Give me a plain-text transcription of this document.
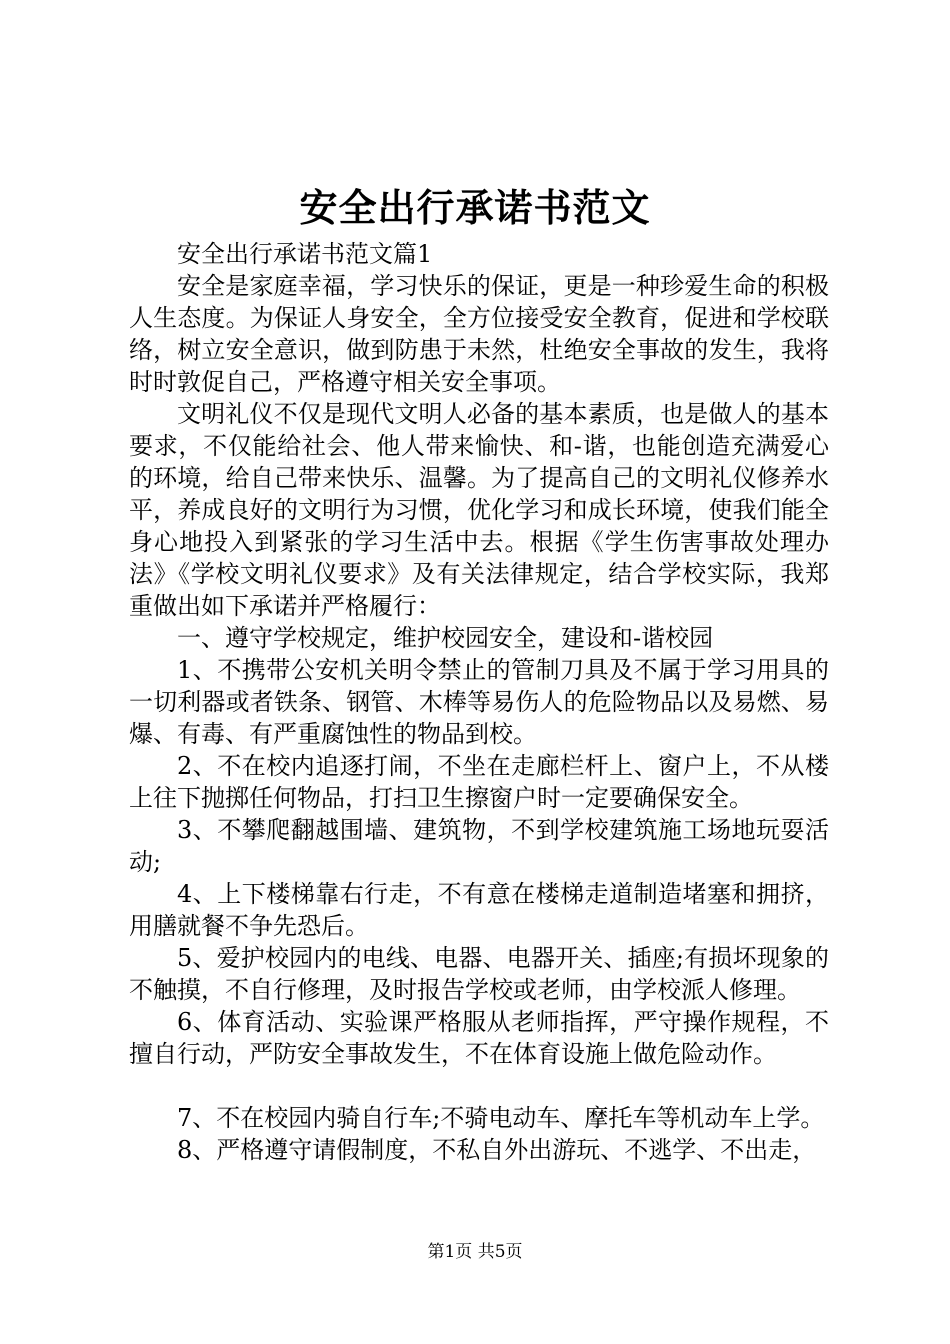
安全出行承诺书范文

安全出行承诺书范文篇1

安全是家庭幸福，学习快乐的保证，更是一种珍爱生命的积极人生态度。为保证人身安全，全方位接受安全教育，促进和学校联络，树立安全意识，做到防患于未然，杜绝安全事故的发生，我将时时敦促自己，严格遵守相关安全事项。

文明礼仪不仅是现代文明人必备的基本素质，也是做人的基本要求，不仅能给社会、他人带来愉快、和-谐，也能创造充满爱心的环境，给自己带来快乐、温馨。为了提高自己的文明礼仪修养水平，养成良好的文明行为习惯，优化学习和成长环境，使我们能全身心地投入到紧张的学习生活中去。根据《学生伤害事故处理办法》《学校文明礼仪要求》及有关法律规定，结合学校实际，我郑重做出如下承诺并严格履行：

一、遵守学校规定，维护校园安全，建设和-谐校园

1、不携带公安机关明令禁止的管制刀具及不属于学习用具的一切利器或者铁条、钢管、木棒等易伤人的危险物品以及易燃、易爆、有毒、有严重腐蚀性的物品到校。

2、不在校内追逐打闹，不坐在走廊栏杆上、窗户上，不从楼上往下抛掷任何物品，打扫卫生擦窗户时一定要确保安全。

3、不攀爬翻越围墙、建筑物，不到学校建筑施工场地玩耍活动;

4、上下楼梯靠右行走，不有意在楼梯走道制造堵塞和拥挤，用膳就餐不争先恐后。

5、爱护校园内的电线、电器、电器开关、插座;有损坏现象的不触摸，不自行修理，及时报告学校或老师，由学校派人修理。

6、体育活动、实验课严格服从老师指挥，严守操作规程，不擅自行动，严防安全事故发生，不在体育设施上做危险动作。

7、不在校园内骑自行车;不骑电动车、摩托车等机动车上学。

8、严格遵守请假制度，不私自外出游玩、不逃学、不出走，

第1页 共5页
